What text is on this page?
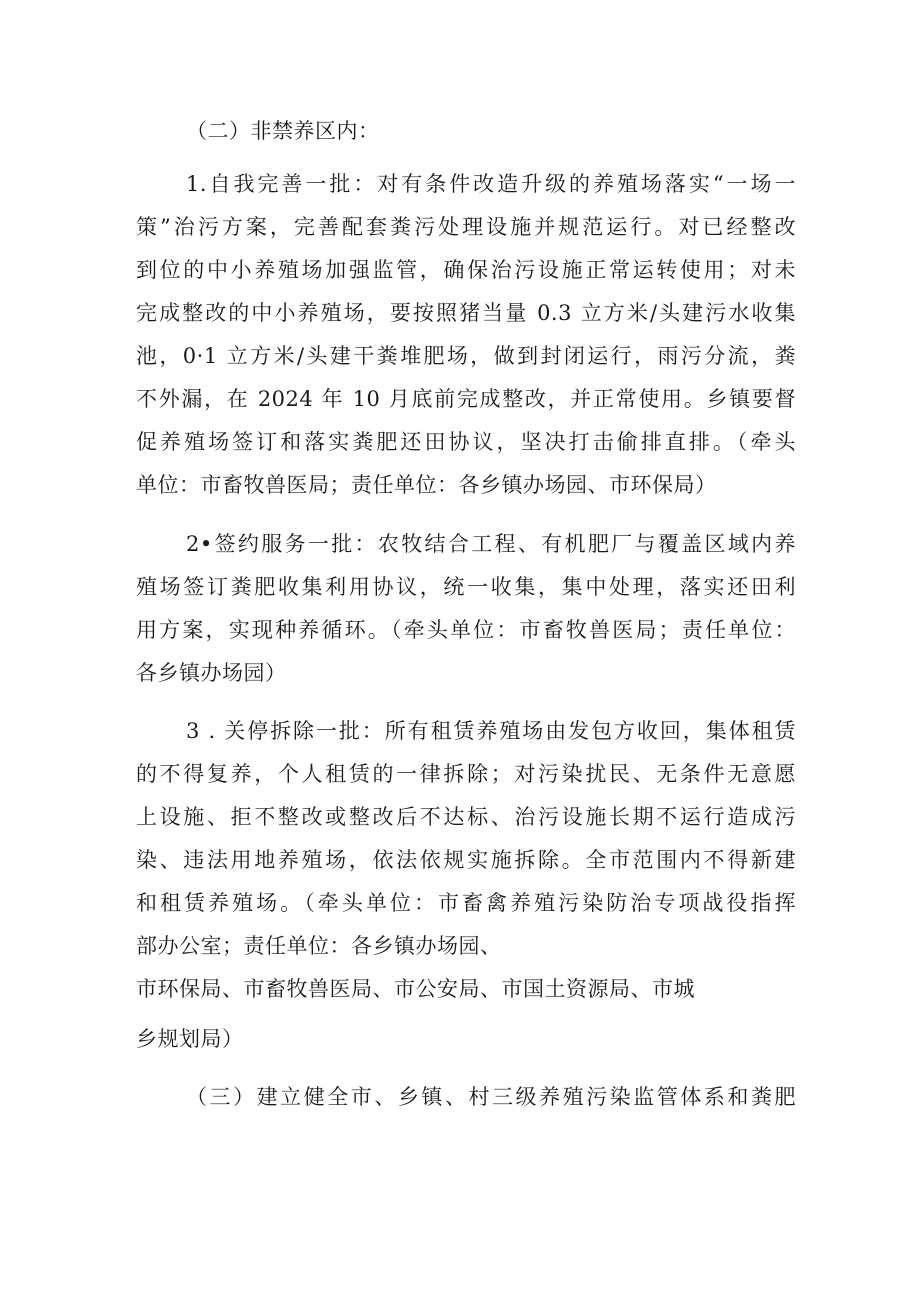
（二）非禁养区内：

1.自我完善一批：对有条件改造升级的养殖场落实“一场一

策”治污方案，完善配套粪污处理设施并规范运行。对已经整改

到位的中小养殖场加强监管，确保治污设施正常运转使用；对未

完成整改的中小养殖场，要按照猪当量 0.3 立方米/头建污水收集

池，0·1 立方米/头建干粪堆肥场，做到封闭运行，雨污分流，粪

不外漏，在 2024 年 10 月底前完成整改，并正常使用。乡镇要督

促养殖场签订和落实粪肥还田协议，坚决打击偷排直排。（牵头

单位：市畜牧兽医局；责任单位：各乡镇办场园、市环保局）

2•签约服务一批：农牧结合工程、有机肥厂与覆盖区域内养

殖场签订粪肥收集利用协议，统一收集，集中处理，落实还田利

用方案，实现种养循环。（牵头单位：市畜牧兽医局；责任单位：

各乡镇办场园）

3 . 关停拆除一批：所有租赁养殖场由发包方收回，集体租赁

的不得复养，个人租赁的一律拆除；对污染扰民、无条件无意愿

上设施、拒不整改或整改后不达标、治污设施长期不运行造成污

染、违法用地养殖场，依法依规实施拆除。全市范围内不得新建

和租赁养殖场。（牵头单位：市畜禽养殖污染防治专项战役指挥

部办公室；责任单位：各乡镇办场园、

市环保局、市畜牧兽医局、市公安局、市国土资源局、市城

乡规划局）

（三）建立健全市、乡镇、村三级养殖污染监管体系和粪肥
